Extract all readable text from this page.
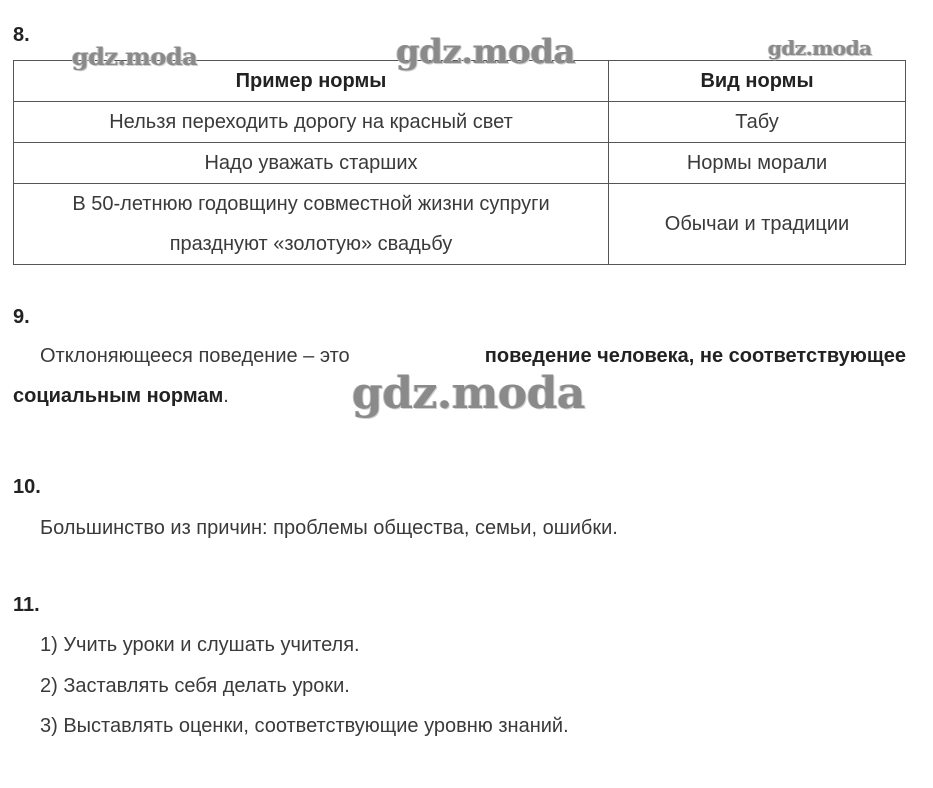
8.
Пример нормы	Вид нормы
Нельзя переходить дорогу на красный свет	Табу
Надо уважать старших	Нормы морали
В 50-летнюю годовщину совместной жизни супруги
празднуют «золотую» свадьбу	Обычаи и традиции
9.
Отклоняющееся поведение – это	поведение человека, не соответствующее
социальным нормам.
10.
Большинство из причин: проблемы общества, семьи, ошибки.
11.
1) Учить уроки и слушать учителя.
2) Заставлять себя делать уроки.
3) Выставлять оценки, соответствующие уровню знаний.
gdz.moda	gdz.moda	gdz.moda
gdz.moda
